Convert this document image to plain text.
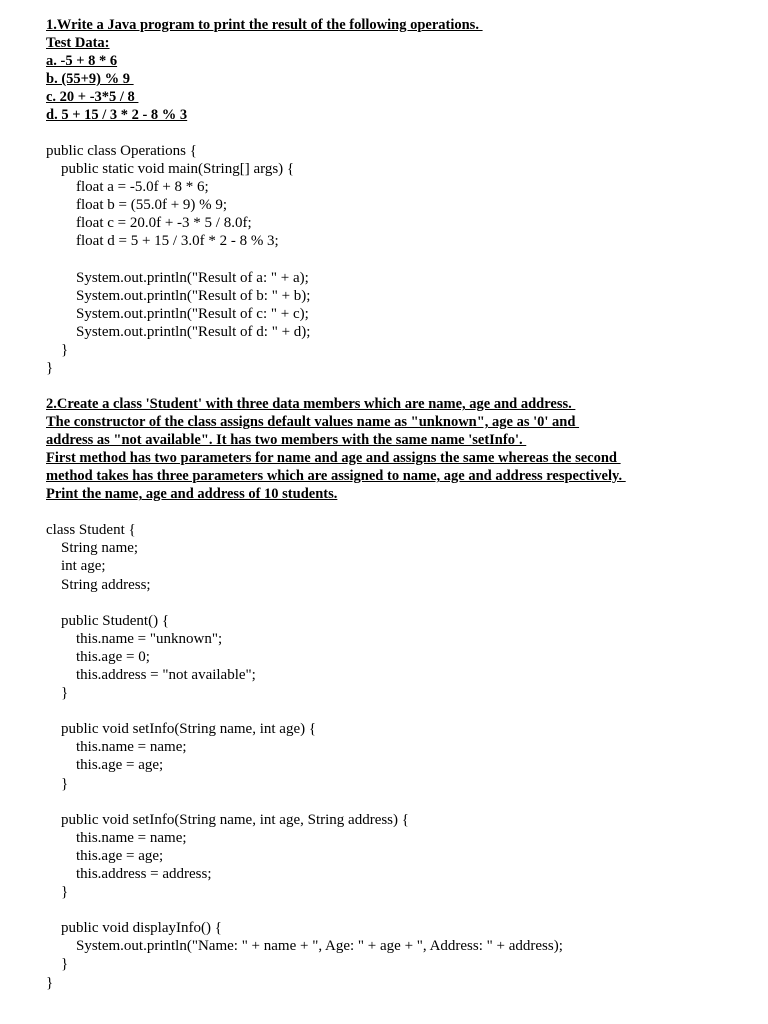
1.Write a Java program to print the result of the following operations.
Test Data:
a. -5 + 8 * 6
b. (55+9) % 9
c. 20 + -3*5 / 8
d. 5 + 15 / 3 * 2 - 8 % 3
public class Operations {
public static void main(String[] args) {
float a = -5.0f + 8 * 6;
float b = (55.0f + 9) % 9;
float c = 20.0f + -3 * 5 / 8.0f;
float d = 5 + 15 / 3.0f * 2 - 8 % 3;
System.out.println("Result of a: " + a);
System.out.println("Result of b: " + b);
System.out.println("Result of c: " + c);
System.out.println("Result of d: " + d);
}
}
2.Create a class 'Student' with three data members which are name, age and address.
The constructor of the class assigns default values name as "unknown", age as '0' and
address as "not available". It has two members with the same name 'setInfo'.
First method has two parameters for name and age and assigns the same whereas the second
method takes has three parameters which are assigned to name, age and address respectively.
Print the name, age and address of 10 students.
class Student {
String name;
int age;
String address;
public Student() {
this.name = "unknown";
this.age = 0;
this.address = "not available";
}
public void setInfo(String name, int age) {
this.name = name;
this.age = age;
}
public void setInfo(String name, int age, String address) {
this.name = name;
this.age = age;
this.address = address;
}
public void displayInfo() {
System.out.println("Name: " + name + ", Age: " + age + ", Address: " + address);
}
}
